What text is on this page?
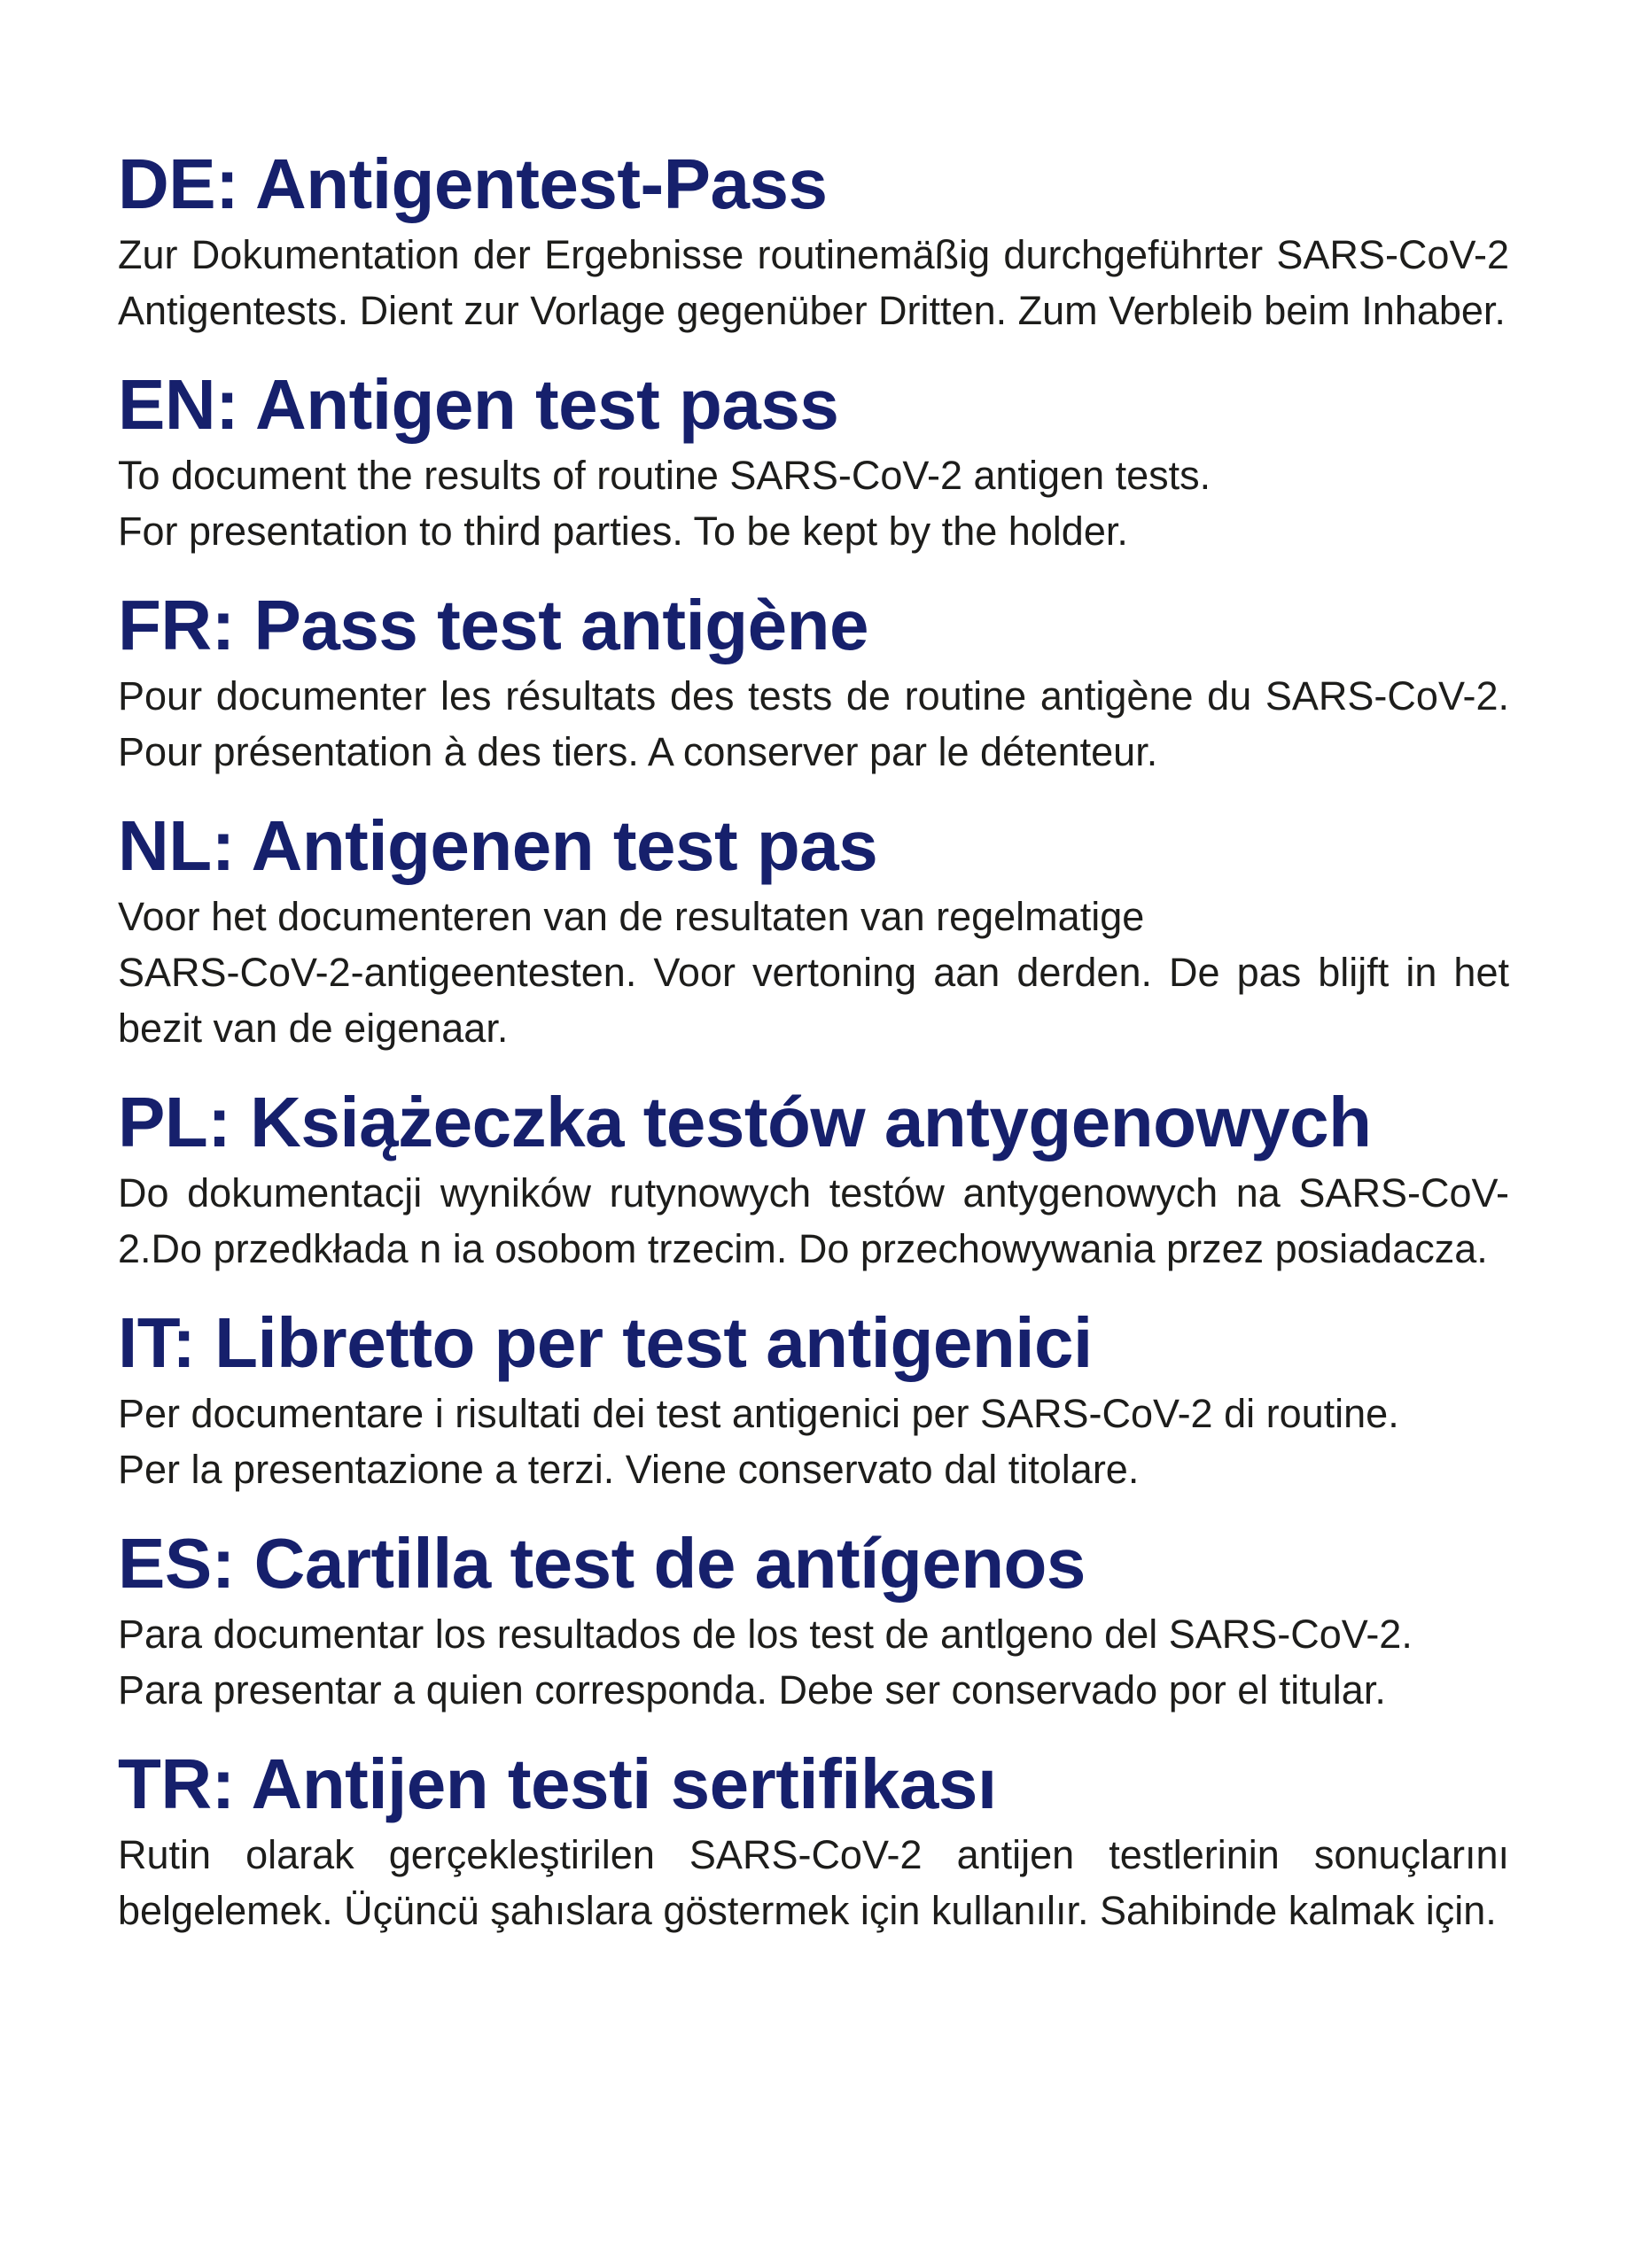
DE: Antigentest-Pass

Zur Dokumentation der Ergebnisse routinemäßig durchgeführter SARS-CoV-2 Antigentests. Dient zur Vorlage gegenüber Dritten. Zum Verbleib beim Inhaber.

EN: Antigen test pass

To document the results of routine SARS-CoV-2 antigen tests.

For presentation to third parties. To be kept by the holder.

FR: Pass test antigène

Pour documenter les résultats des tests de routine antigène du SARS-CoV-2. Pour présentation à des tiers. A conserver par le détenteur.

NL: Antigenen test pas

Voor het documenteren van de resultaten van regelmatige

SARS-CoV-2-antigeentesten. Voor vertoning aan derden. De pas blijft in het bezit van de eigenaar.

PL: Książeczka testów antygenowych

Do dokumentacji wyników rutynowych testów antygenowych na SARS-CoV-2.Do przedkłada n ia osobom trzecim. Do przechowywania przez posiadacza.

IT: Libretto per test antigenici

Per documentare i risultati dei test antigenici per SARS-CoV-2 di routine.

Per la presentazione a terzi. Viene conservato dal titolare.

ES: Cartilla test de antígenos

Para documentar los resultados de los test de antlgeno del SARS-CoV-2.

Para presentar a quien corresponda. Debe ser conservado por el titular.

TR: Antijen testi sertifikası

Rutin olarak gerçekleştirilen SARS-CoV-2 antijen testlerinin sonuçlarını belgelemek. Üçüncü şahıslara göstermek için kullanılır. Sahibinde kalmak için.
